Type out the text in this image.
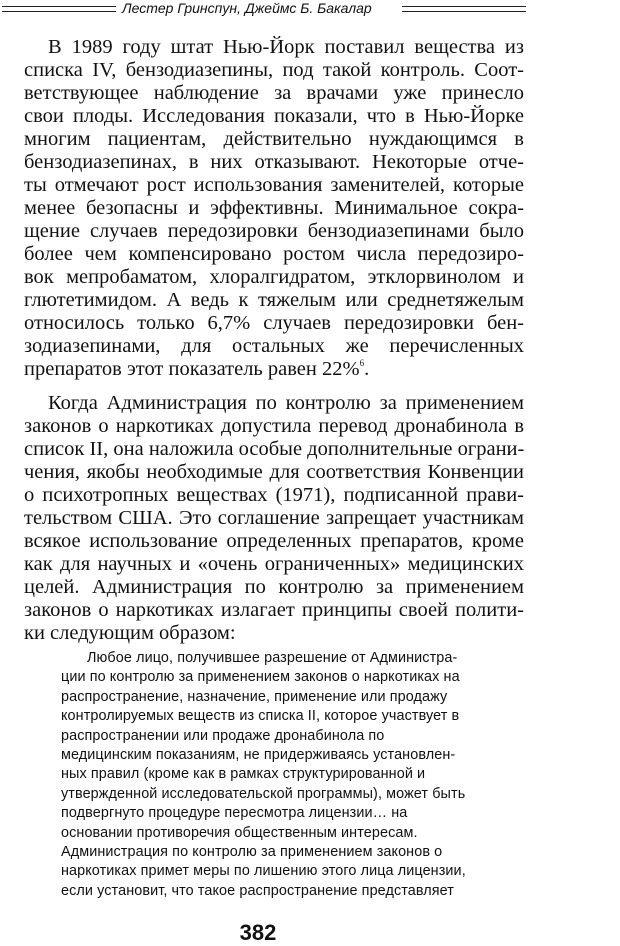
Лестер Гринспун, Джеймс Б. Бакалар
В 1989 году штат Нью-Йорк поставил вещества из
списка IV, бензодиазепины, под такой контроль. Соот-
ветствующее наблюдение за врачами уже принесло
свои плоды. Исследования показали, что в Нью-Йорке
многим пациентам, действительно нуждающимся в
бензодиазепинах, в них отказывают. Некоторые отче-
ты отмечают рост использования заменителей, которые
менее безопасны и эффективны. Минимальное сокра-
щение случаев передозировки бензодиазепинами было
более чем компенсировано ростом числа передозиро-
вок мепробаматом, хлоралгидратом, этклорвинолом и
глютетимидом. А ведь к тяжелым или среднетяжелым
относилось только 6,7% случаев передозировки бен-
зодиазепинами, для остальных же перечисленных
препаратов этот показатель равен 22%$^6$.
Когда Администрация по контролю за применением
законов о наркотиках допустила перевод дронабинола в
список II, она наложила особые дополнительные ограни-
чения, якобы необходимые для соответствия Конвенции
о психотропных веществах (1971), подписанной прави-
тельством США. Это соглашение запрещает участникам
всякое использование определенных препаратов, кроме
как для научных и «очень ограниченных» медицинских
целей. Администрация по контролю за применением
законов о наркотиках излагает принципы своей полити-
ки следующим образом:
Любое лицо, получившее разрешение от Администра-
ции по контролю за применением законов о наркотиках на
распространение, назначение, применение или продажу
контролируемых веществ из списка II, которое участвует в
распространении или продаже дронабинола по
медицинским показаниям, не придерживаясь установлен-
ных правил (кроме как в рамках структурированной и
утвержденной исследовательской программы), может быть
подвергнуто процедуре пересмотра лицензии… на
основании противоречия общественным интересам.
Администрация по контролю за применением законов о
наркотиках примет меры по лишению этого лица лицензии,
если установит, что такое распространение представляет
382
